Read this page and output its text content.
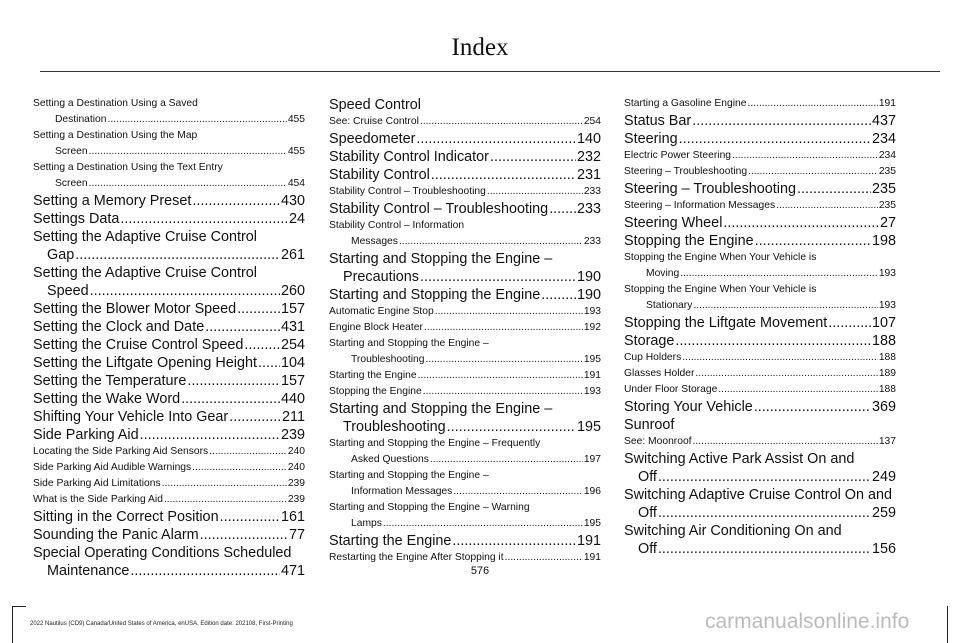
Index
Setting a Destination Using a Saved
Destination .....	455
Setting a Destination Using the Map
Screen .....	455
Setting a Destination Using the Text Entry
Screen .....	454
Setting a Memory Preset .....	430
Settings Data .....	24
Setting the Adaptive Cruise Control
Gap .....	261
Setting the Adaptive Cruise Control
Speed .....	260
Setting the Blower Motor Speed .....	157
Setting the Clock and Date .....	431
Setting the Cruise Control Speed .....	254
Setting the Liftgate Opening Height ..... 104
Setting the Temperature .....	157
Setting the Wake Word .....	440
Shifting Your Vehicle Into Gear .....	211
Side Parking Aid .....	239
Locating the Side Parking Aid Sensors .....	240
Side Parking Aid Audible Warnings .....	240
Side Parking Aid Limitations .....	239
What is the Side Parking Aid .....	239
Sitting in the Correct Position .....	161
Sounding the Panic Alarm .....	77
Special Operating Conditions Scheduled
Maintenance .....	471
Speed Control
See: Cruise Control .....	254
Speedometer .....	140
Stability Control Indicator .....	232
Stability Control .....	231
Stability Control – Troubleshooting .....	233
Stability Control – Troubleshooting ..... 233
Stability Control – Information
Messages .....	233
Starting and Stopping the Engine –
Precautions .....	190
Starting and Stopping the Engine .....	190
Automatic Engine Stop .....	193
Engine Block Heater .....	192
Starting and Stopping the Engine –
Troubleshooting .....	195
Starting the Engine .....	191
Stopping the Engine .....	193
Starting and Stopping the Engine –
Troubleshooting .....	195
Starting and Stopping the Engine – Frequently
Asked Questions .....	197
Starting and Stopping the Engine –
Information Messages .....	196
Starting and Stopping the Engine – Warning
Lamps .....	195
Starting the Engine .....	191
Restarting the Engine After Stopping it .....	191
Starting a Gasoline Engine .....	191
Status Bar .....	437
Steering .....	234
Electric Power Steering .....	234
Steering – Troubleshooting .....	235
Steering – Troubleshooting .....	235
Steering – Information Messages .....	235
Steering Wheel .....	27
Stopping the Engine .....	198
Stopping the Engine When Your Vehicle is
Moving .....	193
Stopping the Engine When Your Vehicle is
Stationary .....	193
Stopping the Liftgate Movement .....	107
Storage .....	188
Cup Holders .....	188
Glasses Holder .....	189
Under Floor Storage .....	188
Storing Your Vehicle .....	369
Sunroof
See: Moonroof .....	137
Switching Active Park Assist On and
Off .....	249
Switching Adaptive Cruise Control On and
Off .....	259
Switching Air Conditioning On and
Off .....	156
576
2022 Nautilus (CD9) Canada/United States of America, enUSA, Edition date: 202108, First-Printing	carmanualsonline.info
